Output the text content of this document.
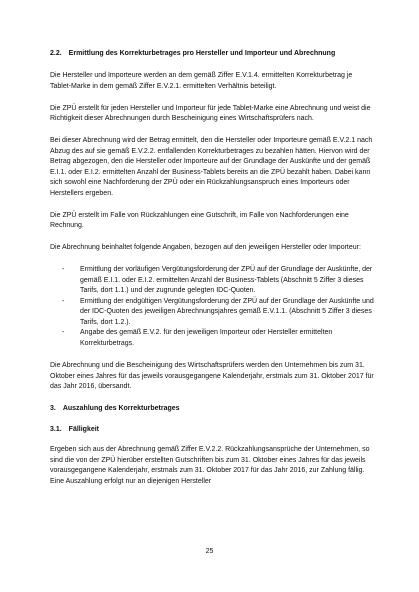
2.2. Ermittlung des Korrekturbetrages pro Hersteller und Importeur und Abrechnung

Die Hersteller und Importeure werden an dem gemäß Ziffer E.V.1.4. ermittelten Korrekturbetrag je Tablet-Marke in dem gemäß Ziffer E.V.2.1. ermittelten Verhältnis beteiligt.

Die ZPÜ erstellt für jeden Hersteller und Importeur für jede Tablet-Marke eine Abrechnung und weist die Richtigkeit dieser Abrechnungen durch Bescheinigung eines Wirtschaftsprüfers nach.

Bei dieser Abrechnung wird der Betrag ermittelt, den die Hersteller oder Importeure gemäß E.V.2.1 nach Abzug des auf sie gemäß E.V.2.2. entfallenden Korrekturbetrages zu bezahlen hätten. Hiervon wird der Betrag abgezogen, den die Hersteller oder Importeure auf der Grundlage der Auskünfte und der gemäß E.I.1. oder E.I.2. ermittelten Anzahl der Business-Tablets bereits an die ZPÜ bezahlt haben. Dabei kann sich sowohl eine Nachforderung der ZPÜ oder ein Rückzahlungsanspruch eines Importeurs oder Herstellers ergeben.

Die ZPÜ erstellt im Falle von Rückzahlungen eine Gutschrift, im Falle von Nachforderungen eine Rechnung.

Die Abrechnung beinhaltet folgende Angaben, bezogen auf den jeweiligen Hersteller oder Importeur:

- Ermittlung der vorläufigen Vergütungsforderung der ZPÜ auf der Grundlage der Auskünfte, der gemäß E.I.1. oder E.I.2. ermittelten Anzahl der Business-Tablets (Abschnitt 5 Ziffer 3 dieses Tarifs, dort 1.1.) und der zugrunde gelegten IDC-Quoten.
- Ermittlung der endgültigen Vergütungsforderung der ZPÜ auf der Grundlage der Auskünfte und der IDC-Quoten des jeweiligen Abrechnungsjahres gemäß E.V.1.1. (Abschnitt 5 Ziffer 3 dieses Tarifs, dort 1.2.).
- Angabe des gemäß E.V.2. für den jeweiligen Importeur oder Hersteller ermittelten Korrekturbetrags.

Die Abrechnung und die Bescheinigung des Wirtschaftsprüfers werden den Unternehmen bis zum 31. Oktober eines Jahres für das jeweils vorausgegangene Kalenderjahr, erstmals zum 31. Oktober 2017 für das Jahr 2016, übersandt.

3. Auszahlung des Korrekturbetrages

3.1. Fälligkeit

Ergeben sich aus der Abrechnung gemäß Ziffer E.V.2.2. Rückzahlungsansprüche der Unternehmen, so sind die von der ZPÜ hierüber erstellten Gutschriften bis zum 31. Oktober eines Jahres für das jeweils vorausgegangene Kalenderjahr, erstmals zum 31. Oktober 2017 für das Jahr 2016, zur Zahlung fällig. Eine Auszahlung erfolgt nur an diejenigen Hersteller

25
